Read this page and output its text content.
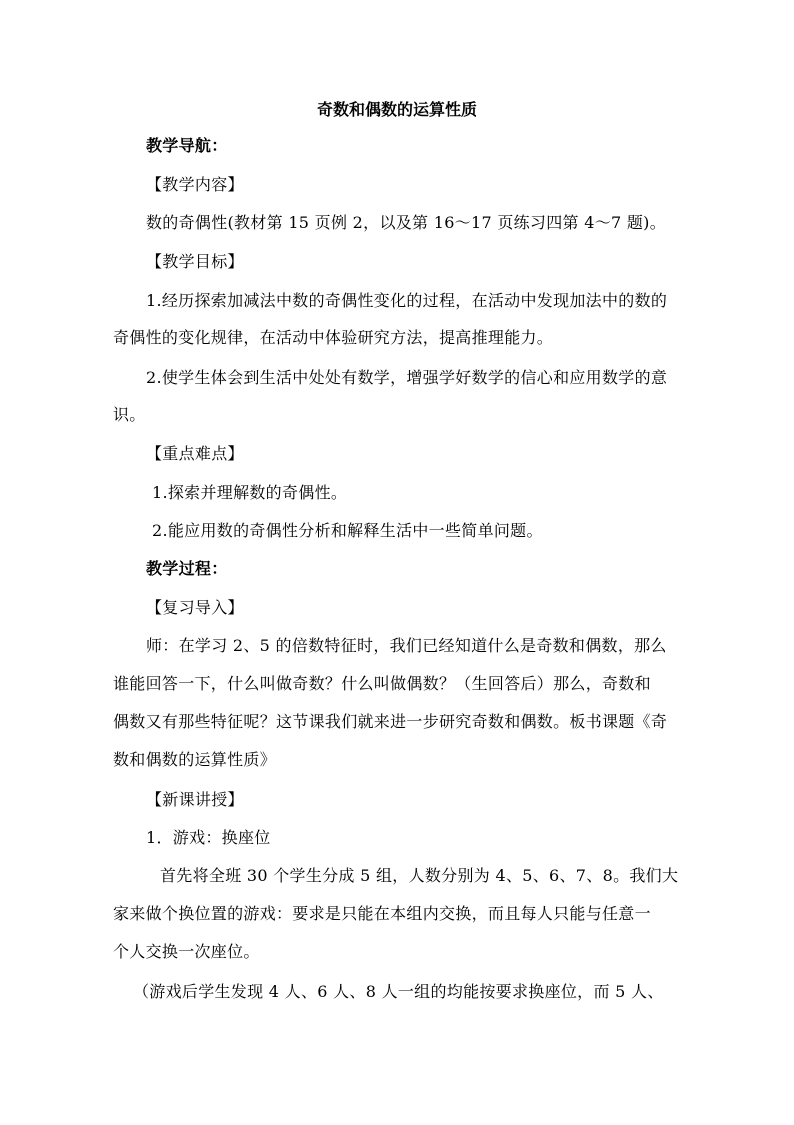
奇数和偶数的运算性质
教学导航：
【教学内容】
数的奇偶性(教材第 15 页例 2，以及第 16～17 页练习四第 4～7 题)。
【教学目标】
1.经历探索加减法中数的奇偶性变化的过程，在活动中发现加法中的数的
奇偶性的变化规律，在活动中体验研究方法，提高推理能力。
2.使学生体会到生活中处处有数学，增强学好数学的信心和应用数学的意
识。
【重点难点】
1.探索并理解数的奇偶性。
2.能应用数的奇偶性分析和解释生活中一些简单问题。
教学过程：
【复习导入】
师：在学习 2、5 的倍数特征时，我们已经知道什么是奇数和偶数，那么
谁能回答一下，什么叫做奇数？什么叫做偶数？（生回答后）那么，奇数和
偶数又有那些特征呢？这节课我们就来进一步研究奇数和偶数。板书课题《奇
数和偶数的运算性质》
【新课讲授】
1．游戏：换座位
首先将全班 30 个学生分成 5 组，人数分别为 4、5、6、7、8。我们大
家来做个换位置的游戏：要求是只能在本组内交换，而且每人只能与任意一
个人交换一次座位。
（游戏后学生发现 4 人、6 人、8 人一组的均能按要求换座位，而 5 人、
